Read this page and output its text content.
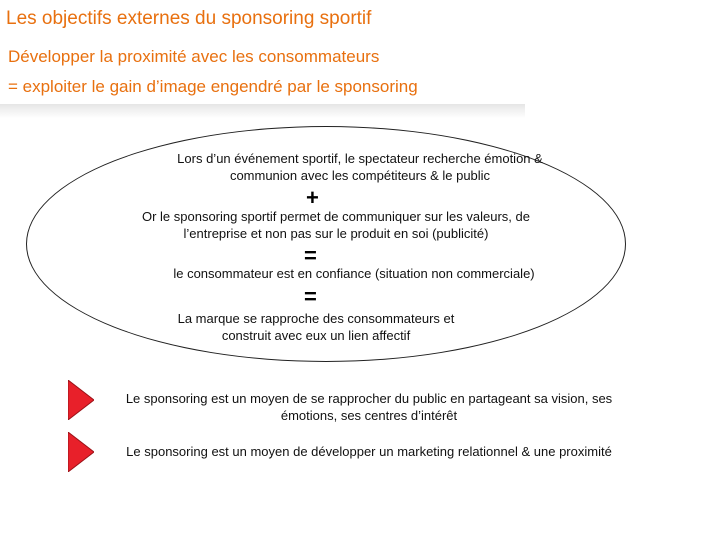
Les objectifs externes du sponsoring sportif
Développer la proximité avec les consommateurs
= exploiter le gain d’image engendré par le sponsoring
Lors d’un événement sportif, le spectateur recherche émotion &
communion avec les compétiteurs & le public
+
Or le sponsoring sportif permet de communiquer sur les valeurs, de
l’entreprise et non pas sur le produit en soi (publicité)
=
le consommateur est en confiance (situation non commerciale)
=
La marque se rapproche des consommateurs et
construit avec eux un lien affectif
Le sponsoring est un moyen de se rapprocher du public en partageant sa vision, ses
émotions, ses centres d’intérêt
Le sponsoring est un moyen de développer un marketing relationnel & une proximité
